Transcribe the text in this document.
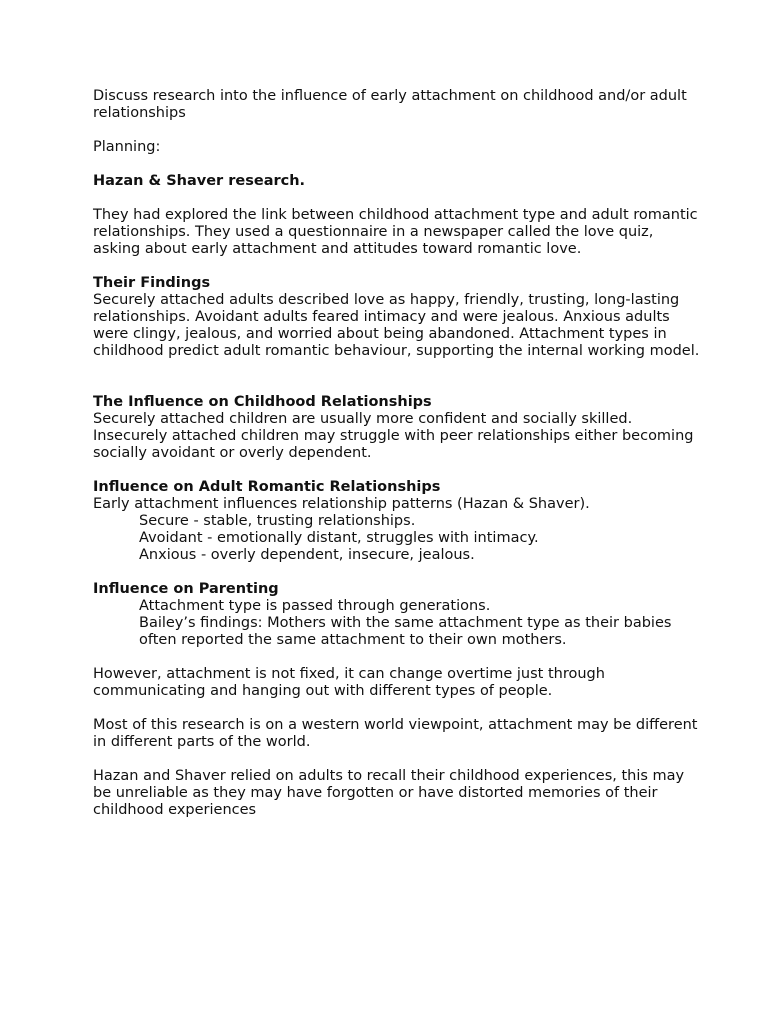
Discuss research into the influence of early attachment on childhood and/or adult relationships

Planning:

Hazan & Shaver research.

They had explored the link between childhood attachment type and adult romantic relationships. They used a questionnaire in a newspaper called the love quiz, asking about early attachment and attitudes toward romantic love.

Their Findings

Securely attached adults described love as happy, friendly, trusting, long-lasting relationships. Avoidant adults feared intimacy and were jealous. Anxious adults were clingy, jealous, and worried about being abandoned. Attachment types in childhood predict adult romantic behaviour, supporting the internal working model.

The Influence on Childhood Relationships

Securely attached children are usually more confident and socially skilled. Insecurely attached children may struggle with peer relationships either becoming socially avoidant or overly dependent.

Influence on Adult Romantic Relationships

Early attachment influences relationship patterns (Hazan & Shaver).

Secure - stable, trusting relationships.

Avoidant - emotionally distant, struggles with intimacy.

Anxious - overly dependent, insecure, jealous.

Influence on Parenting

Attachment type is passed through generations.

Bailey’s findings: Mothers with the same attachment type as their babies often reported the same attachment to their own mothers.

However, attachment is not fixed, it can change overtime just through communicating and hanging out with different types of people.

Most of this research is on a western world viewpoint, attachment may be different in different parts of the world.

Hazan and Shaver relied on adults to recall their childhood experiences, this may be unreliable as they may have forgotten or have distorted memories of their childhood experiences
